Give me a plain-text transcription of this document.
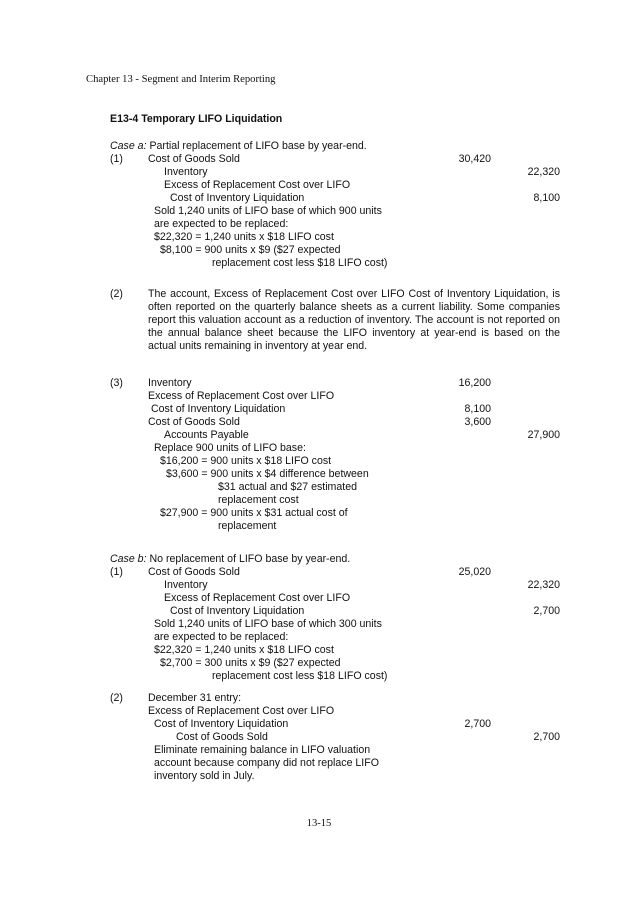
Chapter 13 - Segment and Interim Reporting
E13-4 Temporary LIFO Liquidation
Case a: Partial replacement of LIFO base by year-end.
(1) Cost of Goods Sold
Inventory
Excess of Replacement Cost over LIFO
Cost of Inventory Liquidation
Sold 1,240 units of LIFO base of which 900 units
are expected to be replaced:
$22,320 = 1,240 units x $18 LIFO cost
$8,100 = 900 units x $9 ($27 expected
replacement cost less $18 LIFO cost)
30,420
22,320
8,100
(2) The account, Excess of Replacement Cost over LIFO Cost of Inventory Liquidation, is often reported on the quarterly balance sheets as a current liability. Some companies report this valuation account as a reduction of inventory. The account is not reported on the annual balance sheet because the LIFO inventory at year-end is based on the actual units remaining in inventory at year end.
(3) Inventory
Excess of Replacement Cost over LIFO
Cost of Inventory Liquidation
Cost of Goods Sold
Accounts Payable
Replace 900 units of LIFO base:
$16,200 = 900 units x $18 LIFO cost
$3,600 = 900 units x $4 difference between
$31 actual and $27 estimated
replacement cost
$27,900 = 900 units x $31 actual cost of
replacement
16,200
8,100
3,600
27,900
Case b: No replacement of LIFO base by year-end.
(1) Cost of Goods Sold
Inventory
Excess of Replacement Cost over LIFO
Cost of Inventory Liquidation
Sold 1,240 units of LIFO base of which 300 units
are expected to be replaced:
$22,320 = 1,240 units x $18 LIFO cost
$2,700 = 300 units x $9 ($27 expected
replacement cost less $18 LIFO cost)
25,020
22,320
2,700
(2) December 31 entry:
Excess of Replacement Cost over LIFO
Cost of Inventory Liquidation
Cost of Goods Sold
Eliminate remaining balance in LIFO valuation
account because company did not replace LIFO
inventory sold in July.
2,700
2,700
13-15
